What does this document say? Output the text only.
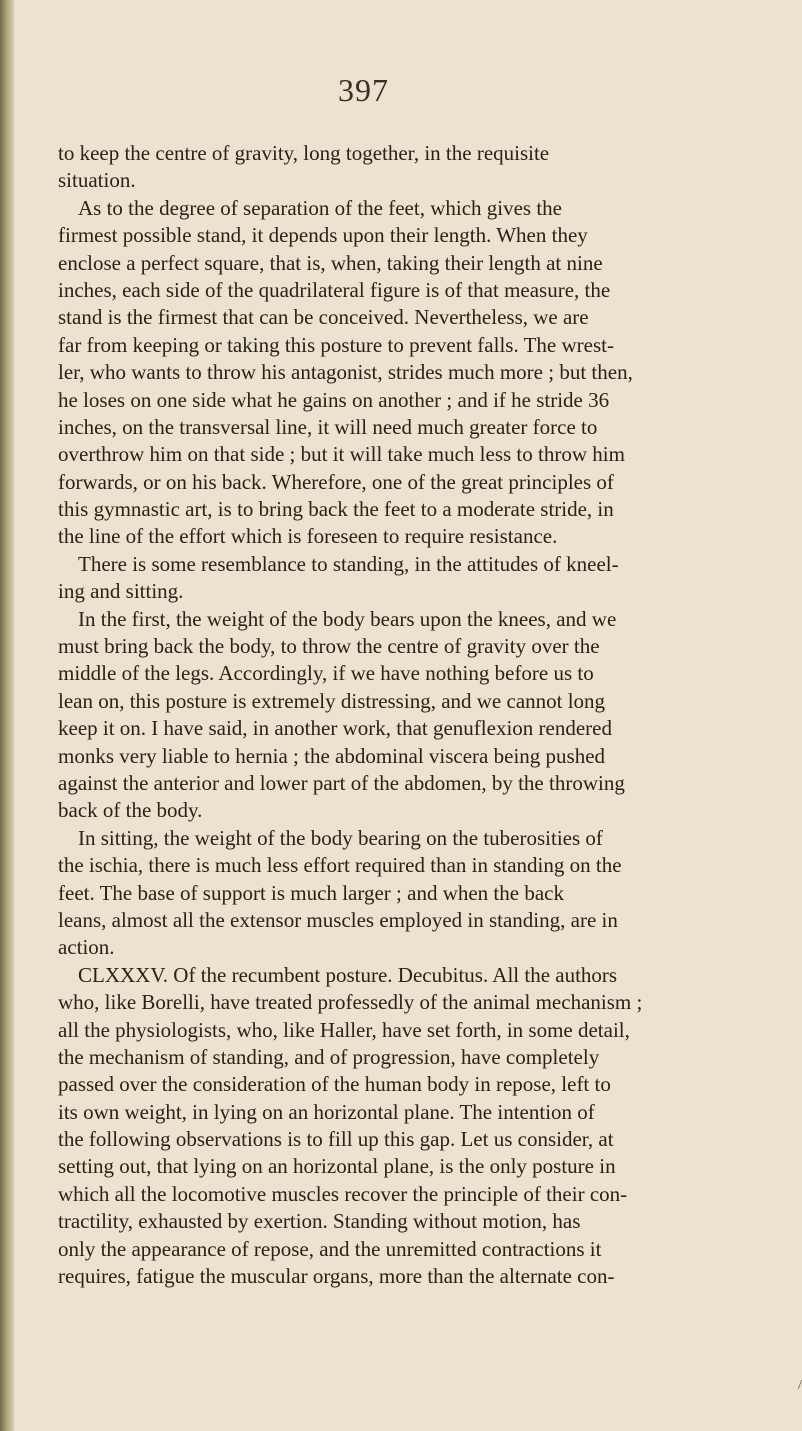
397
to keep the centre of gravity, long together, in the requisite
situation.
As to the degree of separation of the feet, which gives the
firmest possible stand, it depends upon their length. When they
enclose a perfect square, that is, when, taking their length at nine
inches, each side of the quadrilateral figure is of that measure, the
stand is the firmest that can be conceived. Nevertheless, we are
far from keeping or taking this posture to prevent falls. The wrest-
ler, who wants to throw his antagonist, strides much more ; but then,
he loses on one side what he gains on another ; and if he stride 36
inches, on the transversal line, it will need much greater force to
overthrow him on that side ; but it will take much less to throw him
forwards, or on his back. Wherefore, one of the great principles of
this gymnastic art, is to bring back the feet to a moderate stride, in
the line of the effort which is foreseen to require resistance.
There is some resemblance to standing, in the attitudes of kneel-
ing and sitting.
In the first, the weight of the body bears upon the knees, and we
must bring back the body, to throw the centre of gravity over the
middle of the legs. Accordingly, if we have nothing before us to
lean on, this posture is extremely distressing, and we cannot long
keep it on. I have said, in another work, that genuflexion rendered
monks very liable to hernia ; the abdominal viscera being pushed
against the anterior and lower part of the abdomen, by the throwing
back of the body.
In sitting, the weight of the body bearing on the tuberosities of
the ischia, there is much less effort required than in standing on the
feet. The base of support is much larger ; and when the back
leans, almost all the extensor muscles employed in standing, are in
action.
CLXXXV. Of the recumbent posture. Decubitus. All the authors
who, like Borelli, have treated professedly of the animal mechanism ;
all the physiologists, who, like Haller, have set forth, in some detail,
the mechanism of standing, and of progression, have completely
passed over the consideration of the human body in repose, left to
its own weight, in lying on an horizontal plane. The intention of
the following observations is to fill up this gap. Let us consider, at
setting out, that lying on an horizontal plane, is the only posture in
which all the locomotive muscles recover the principle of their con-
tractility, exhausted by exertion. Standing without motion, has
only the appearance of repose, and the unremitted contractions it
requires, fatigue the muscular organs, more than the alternate con-
/
